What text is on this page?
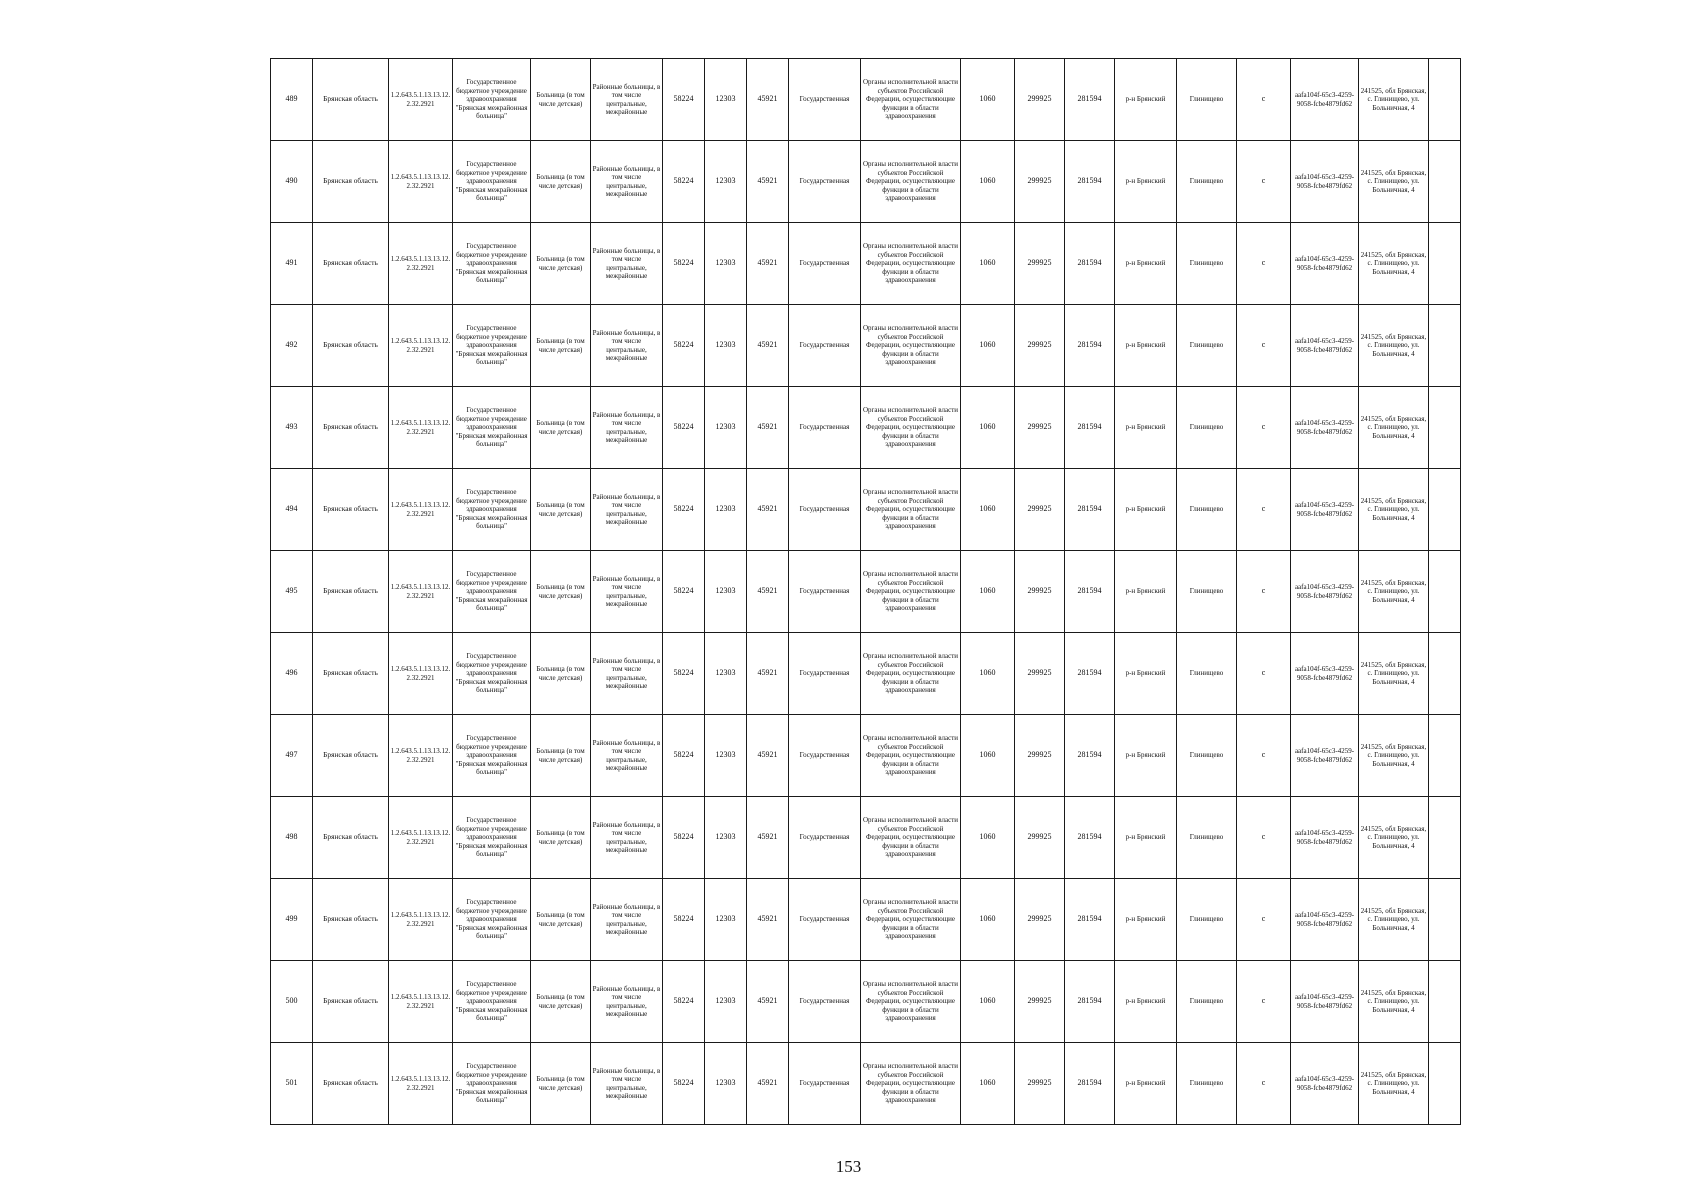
489	Брянская область	1.2.643.5.1.13.13.12.2.32.2921	Государственное бюджетное учреждение здравоохранения "Брянская межрайонная больница"	Больница (в том числе детская)	Районные больницы, в том числе центральные, межрайонные	58224	12303	45921	Государственная	Органы исполнительной власти субъектов Российской Федерации, осуществляющие функции в области здравоохранения	1060	299925	281594	р-н Брянский	Глинищево	с		aafa104f-65c3-4259-9058-fcbe4879fd62		241525, обл Брянская, с. Глинищево, ул. Больничная, 4		
490	Брянская область	1.2.643.5.1.13.13.12.2.32.2921	Государственное бюджетное учреждение здравоохранения "Брянская межрайонная больница"	Больница (в том числе детская)	Районные больницы, в том числе центральные, межрайонные	58224	12303	45921	Государственная	Органы исполнительной власти субъектов Российской Федерации, осуществляющие функции в области здравоохранения	1060	299925	281594	р-н Брянский	Глинищево	с		aafa104f-65c3-4259-9058-fcbe4879fd62		241525, обл Брянская, с. Глинищево, ул. Больничная, 4		
491	Брянская область	1.2.643.5.1.13.13.12.2.32.2921	Государственное бюджетное учреждение здравоохранения "Брянская межрайонная больница"	Больница (в том числе детская)	Районные больницы, в том числе центральные, межрайонные	58224	12303	45921	Государственная	Органы исполнительной власти субъектов Российской Федерации, осуществляющие функции в области здравоохранения	1060	299925	281594	р-н Брянский	Глинищево	с		aafa104f-65c3-4259-9058-fcbe4879fd62		241525, обл Брянская, с. Глинищево, ул. Больничная, 4		
492	Брянская область	1.2.643.5.1.13.13.12.2.32.2921	Государственное бюджетное учреждение здравоохранения "Брянская межрайонная больница"	Больница (в том числе детская)	Районные больницы, в том числе центральные, межрайонные	58224	12303	45921	Государственная	Органы исполнительной власти субъектов Российской Федерации, осуществляющие функции в области здравоохранения	1060	299925	281594	р-н Брянский	Глинищево	с		aafa104f-65c3-4259-9058-fcbe4879fd62		241525, обл Брянская, с. Глинищево, ул. Больничная, 4		
493	Брянская область	1.2.643.5.1.13.13.12.2.32.2921	Государственное бюджетное учреждение здравоохранения "Брянская межрайонная больница"	Больница (в том числе детская)	Районные больницы, в том числе центральные, межрайонные	58224	12303	45921	Государственная	Органы исполнительной власти субъектов Российской Федерации, осуществляющие функции в области здравоохранения	1060	299925	281594	р-н Брянский	Глинищево	с		aafa104f-65c3-4259-9058-fcbe4879fd62		241525, обл Брянская, с. Глинищево, ул. Больничная, 4		
494	Брянская область	1.2.643.5.1.13.13.12.2.32.2921	Государственное бюджетное учреждение здравоохранения "Брянская межрайонная больница"	Больница (в том числе детская)	Районные больницы, в том числе центральные, межрайонные	58224	12303	45921	Государственная	Органы исполнительной власти субъектов Российской Федерации, осуществляющие функции в области здравоохранения	1060	299925	281594	р-н Брянский	Глинищево	с		aafa104f-65c3-4259-9058-fcbe4879fd62		241525, обл Брянская, с. Глинищево, ул. Больничная, 4		
495	Брянская область	1.2.643.5.1.13.13.12.2.32.2921	Государственное бюджетное учреждение здравоохранения "Брянская межрайонная больница"	Больница (в том числе детская)	Районные больницы, в том числе центральные, межрайонные	58224	12303	45921	Государственная	Органы исполнительной власти субъектов Российской Федерации, осуществляющие функции в области здравоохранения	1060	299925	281594	р-н Брянский	Глинищево	с		aafa104f-65c3-4259-9058-fcbe4879fd62		241525, обл Брянская, с. Глинищево, ул. Больничная, 4		
496	Брянская область	1.2.643.5.1.13.13.12.2.32.2921	Государственное бюджетное учреждение здравоохранения "Брянская межрайонная больница"	Больница (в том числе детская)	Районные больницы, в том числе центральные, межрайонные	58224	12303	45921	Государственная	Органы исполнительной власти субъектов Российской Федерации, осуществляющие функции в области здравоохранения	1060	299925	281594	р-н Брянский	Глинищево	с		aafa104f-65c3-4259-9058-fcbe4879fd62		241525, обл Брянская, с. Глинищево, ул. Больничная, 4		
497	Брянская область	1.2.643.5.1.13.13.12.2.32.2921	Государственное бюджетное учреждение здравоохранения "Брянская межрайонная больница"	Больница (в том числе детская)	Районные больницы, в том числе центральные, межрайонные	58224	12303	45921	Государственная	Органы исполнительной власти субъектов Российской Федерации, осуществляющие функции в области здравоохранения	1060	299925	281594	р-н Брянский	Глинищево	с		aafa104f-65c3-4259-9058-fcbe4879fd62		241525, обл Брянская, с. Глинищево, ул. Больничная, 4		
498	Брянская область	1.2.643.5.1.13.13.12.2.32.2921	Государственное бюджетное учреждение здравоохранения "Брянская межрайонная больница"	Больница (в том числе детская)	Районные больницы, в том числе центральные, межрайонные	58224	12303	45921	Государственная	Органы исполнительной власти субъектов Российской Федерации, осуществляющие функции в области здравоохранения	1060	299925	281594	р-н Брянский	Глинищево	с		aafa104f-65c3-4259-9058-fcbe4879fd62		241525, обл Брянская, с. Глинищево, ул. Больничная, 4		
499	Брянская область	1.2.643.5.1.13.13.12.2.32.2921	Государственное бюджетное учреждение здравоохранения "Брянская межрайонная больница"	Больница (в том числе детская)	Районные больницы, в том числе центральные, межрайонные	58224	12303	45921	Государственная	Органы исполнительной власти субъектов Российской Федерации, осуществляющие функции в области здравоохранения	1060	299925	281594	р-н Брянский	Глинищево	с		aafa104f-65c3-4259-9058-fcbe4879fd62		241525, обл Брянская, с. Глинищево, ул. Больничная, 4		
500	Брянская область	1.2.643.5.1.13.13.12.2.32.2921	Государственное бюджетное учреждение здравоохранения "Брянская межрайонная больница"	Больница (в том числе детская)	Районные больницы, в том числе центральные, межрайонные	58224	12303	45921	Государственная	Органы исполнительной власти субъектов Российской Федерации, осуществляющие функции в области здравоохранения	1060	299925	281594	р-н Брянский	Глинищево	с		aafa104f-65c3-4259-9058-fcbe4879fd62		241525, обл Брянская, с. Глинищево, ул. Больничная, 4		
501	Брянская область	1.2.643.5.1.13.13.12.2.32.2921	Государственное бюджетное учреждение здравоохранения "Брянская межрайонная больница"	Больница (в том числе детская)	Районные больницы, в том числе центральные, межрайонные	58224	12303	45921	Государственная	Органы исполнительной власти субъектов Российской Федерации, осуществляющие функции в области здравоохранения	1060	299925	281594	р-н Брянский	Глинищево	с		aafa104f-65c3-4259-9058-fcbe4879fd62		241525, обл Брянская, с. Глинищево, ул. Больничная, 4		
153
